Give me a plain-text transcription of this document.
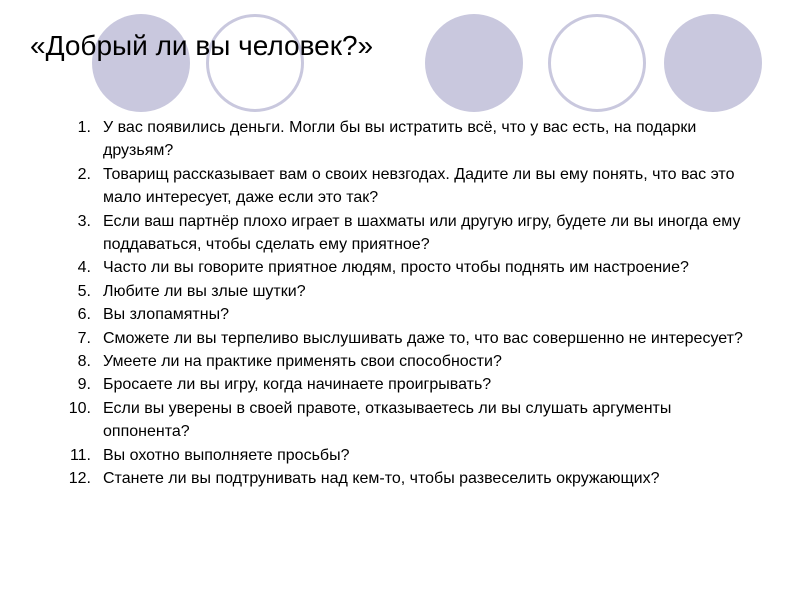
«Добрый ли вы человек?»
1. У вас появились деньги. Могли бы вы истратить всё, что у вас есть, на подарки друзьям?
2. Товарищ рассказывает вам о своих невзгодах. Дадите ли вы ему понять, что вас это мало интересует, даже если это так?
3. Если ваш партнёр плохо играет в шахматы или другую игру, будете ли вы иногда ему поддаваться, чтобы сделать ему приятное?
4. Часто ли вы говорите приятное людям, просто чтобы поднять им настроение?
5. Любите ли вы злые шутки?
6. Вы злопамятны?
7. Сможете ли вы терпеливо выслушивать даже то, что вас совершенно не интересует?
8. Умеете ли на практике применять свои способности?
9. Бросаете ли вы игру, когда начинаете проигрывать?
10. Если вы уверены в своей правоте, отказываетесь ли вы слушать аргументы оппонента?
11. Вы охотно выполняете просьбы?
12. Станете ли вы подтрунивать над кем-то, чтобы развеселить окружающих?
